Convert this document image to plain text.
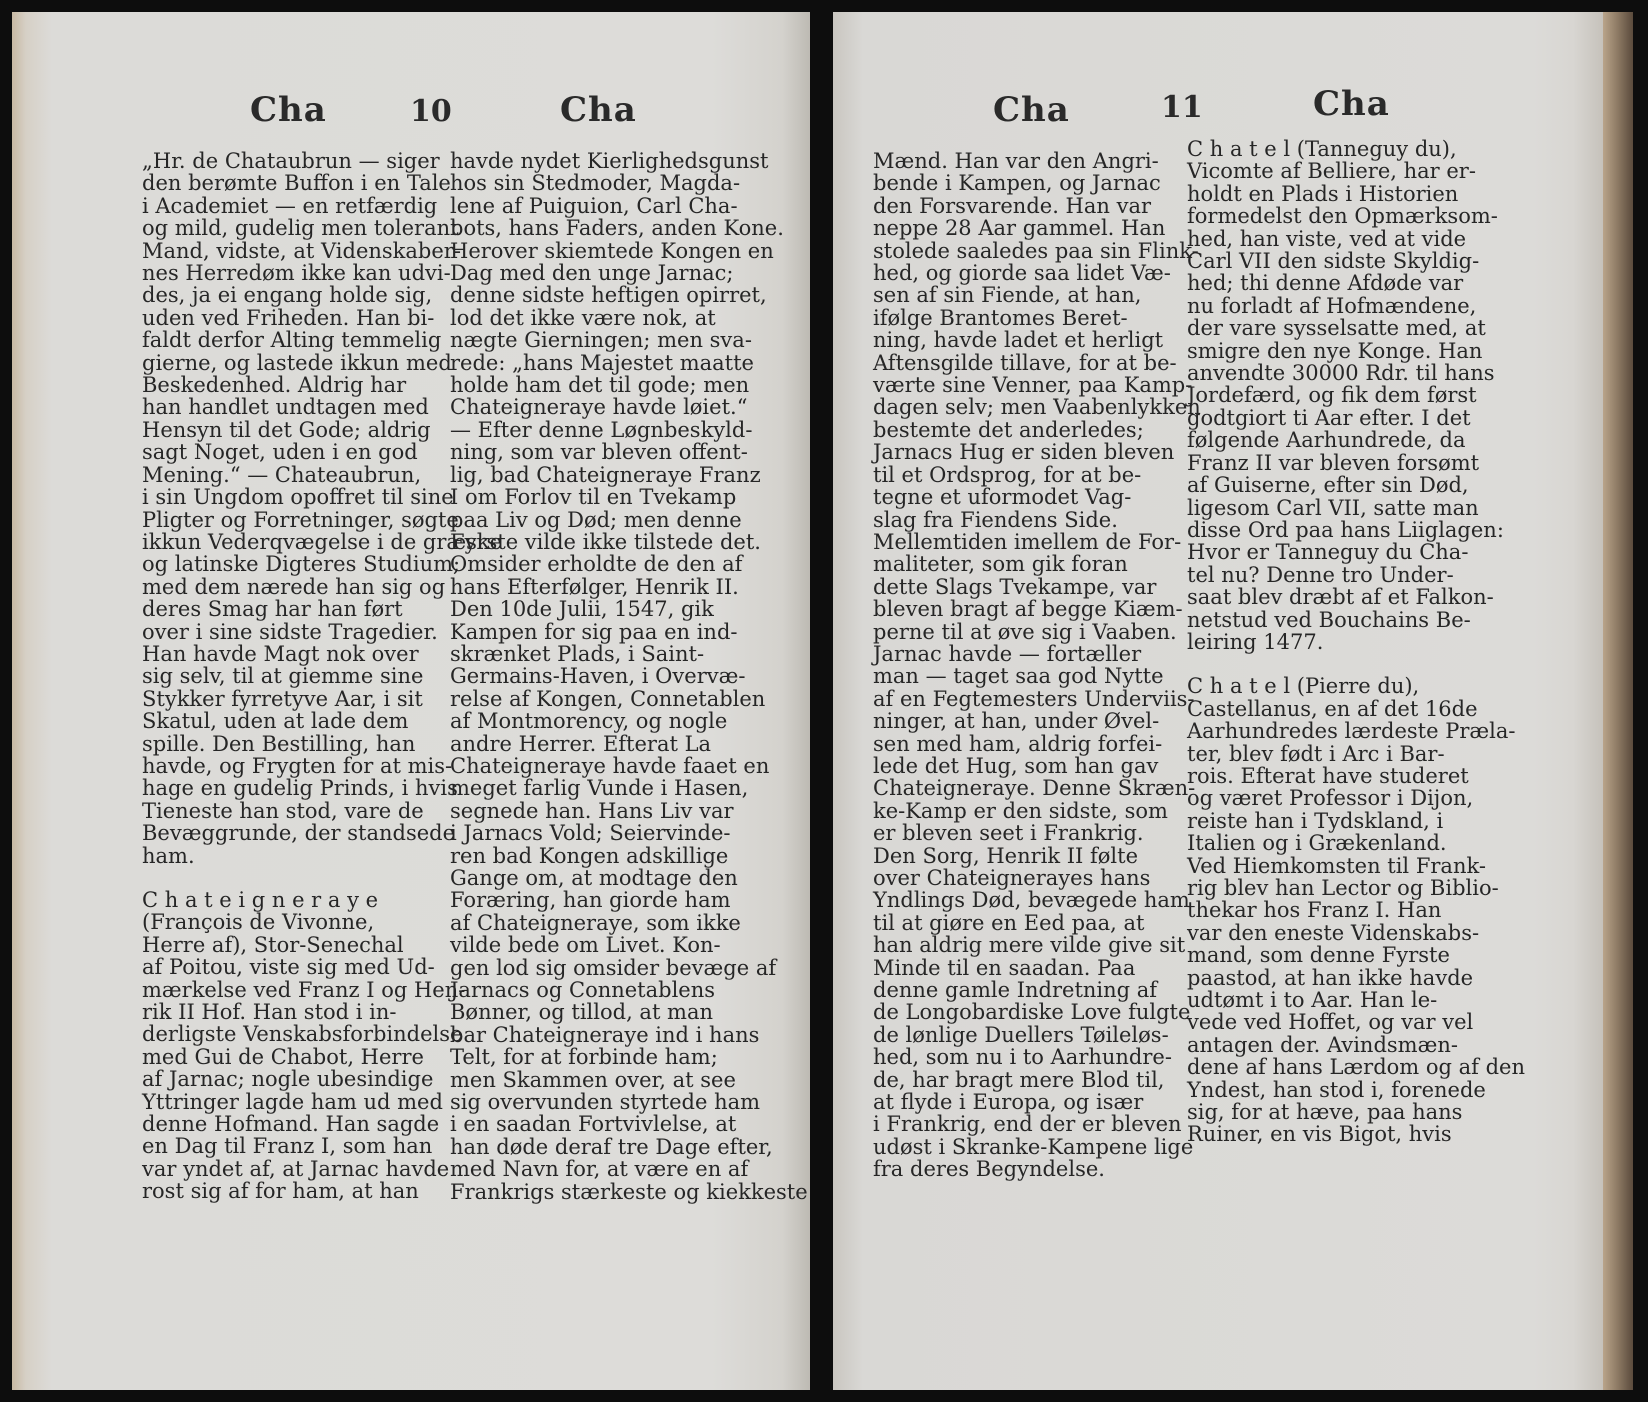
Cha	10	Cha
„Hr. de Chataubrun — siger
den berømte Buffon i en Tale
i Academiet — en retfærdig
og mild, gudelig men tolerant
Mand, vidste, at Videnskaber-
nes Herredøm ikke kan udvi-
des, ja ei engang holde sig,
uden ved Friheden. Han bi-
faldt derfor Alting temmelig
gierne, og lastede ikkun med
Beskedenhed. Aldrig har
han handlet undtagen med
Hensyn til det Gode; aldrig
sagt Noget, uden i en god
Mening.“ — Chateaubrun,
i sin Ungdom opoffret til sine
Pligter og Forretninger, søgte
ikkun Vederqvægelse i de græske
og latinske Digteres Studium;
med dem nærede han sig og
deres Smag har han ført
over i sine sidste Tragedier.
Han havde Magt nok over
sig selv, til at giemme sine
Stykker fyrretyve Aar, i sit
Skatul, uden at lade dem
spille. Den Bestilling, han
havde, og Frygten for at mis-
hage en gudelig Prinds, i hvis
Tieneste han stod, vare de
Bevæggrunde, der standsede
ham.
C h a t e i g n e r a y e
(François de Vivonne,
Herre af), Stor-Senechal
af Poitou, viste sig med Ud-
mærkelse ved Franz I og Hen-
rik II Hof. Han stod i in-
derligste Venskabsforbindelse
med Gui de Chabot, Herre
af Jarnac; nogle ubesindige
Yttringer lagde ham ud med
denne Hofmand. Han sagde
en Dag til Franz I, som han
var yndet af, at Jarnac havde
rost sig af for ham, at han
havde nydet Kierlighedsgunst
hos sin Stedmoder, Magda-
lene af Puiguion, Carl Cha-
bots, hans Faders, anden Kone.
Herover skiemtede Kongen en
Dag med den unge Jarnac;
denne sidste heftigen opirret,
lod det ikke være nok, at
nægte Gierningen; men sva-
rede: „hans Majestet maatte
holde ham det til gode; men
Chateigneraye havde løiet.“
— Efter denne Løgnbeskyld-
ning, som var bleven offent-
lig, bad Chateigneraye Franz
I om Forlov til en Tvekamp
paa Liv og Død; men denne
Fyrste vilde ikke tilstede det.
Omsider erholdte de den af
hans Efterfølger, Henrik II.
Den 10de Julii, 1547, gik
Kampen for sig paa en ind-
skrænket Plads, i Saint-
Germains-Haven, i Overvæ-
relse af Kongen, Connetablen
af Montmorency, og nogle
andre Herrer. Efterat La
Chateigneraye havde faaet en
meget farlig Vunde i Hasen,
segnede han. Hans Liv var
i Jarnacs Vold; Seiervinde-
ren bad Kongen adskillige
Gange om, at modtage den
Foræring, han giorde ham
af Chateigneraye, som ikke
vilde bede om Livet. Kon-
gen lod sig omsider bevæge af
Jarnacs og Connetablens
Bønner, og tillod, at man
bar Chateigneraye ind i hans
Telt, for at forbinde ham;
men Skammen over, at see
sig overvunden styrtede ham
i en saadan Fortvivlelse, at
han døde deraf tre Dage efter,
med Navn for, at være en af
Frankrigs stærkeste og kiekkeste
Cha	11	Cha
Mænd. Han var den Angri-
bende i Kampen, og Jarnac
den Forsvarende. Han var
neppe 28 Aar gammel. Han
stolede saaledes paa sin Flink-
hed, og giorde saa lidet Væ-
sen af sin Fiende, at han,
ifølge Brantomes Beret-
ning, havde ladet et herligt
Aftensgilde tillave, for at be-
værte sine Venner, paa Kamp-
dagen selv; men Vaabenlykken
bestemte det anderledes;
Jarnacs Hug er siden bleven
til et Ordsprog, for at be-
tegne et uformodet Vag-
slag fra Fiendens Side.
Mellemtiden imellem de For-
maliteter, som gik foran
dette Slags Tvekampe, var
bleven bragt af begge Kiæm-
perne til at øve sig i Vaaben.
Jarnac havde — fortæller
man — taget saa god Nytte
af en Fegtemesters Underviis-
ninger, at han, under Øvel-
sen med ham, aldrig forfei-
lede det Hug, som han gav
Chateigneraye. Denne Skræn-
ke-Kamp er den sidste, som
er bleven seet i Frankrig.
Den Sorg, Henrik II følte
over Chateignerayes hans
Yndlings Død, bevægede ham
til at giøre en Eed paa, at
han aldrig mere vilde give sit
Minde til en saadan. Paa
denne gamle Indretning af
de Longobardiske Love fulgte
de lønlige Duellers Tøileløs-
hed, som nu i to Aarhundre-
de, har bragt mere Blod til,
at flyde i Europa, og især
i Frankrig, end der er bleven
udøst i Skranke-Kampene lige
fra deres Begyndelse.
C h a t e l (Tanneguy du),
Vicomte af Belliere, har er-
holdt en Plads i Historien
formedelst den Opmærksom-
hed, han viste, ved at vide
Carl VII den sidste Skyldig-
hed; thi denne Afdøde var
nu forladt af Hofmændene,
der vare sysselsatte med, at
smigre den nye Konge. Han
anvendte 30000 Rdr. til hans
Jordefærd, og fik dem først
godtgiort ti Aar efter. I det
følgende Aarhundrede, da
Franz II var bleven forsømt
af Guiserne, efter sin Død,
ligesom Carl VII, satte man
disse Ord paa hans Liiglagen:
Hvor er Tanneguy du Cha-
tel nu? Denne tro Under-
saat blev dræbt af et Falkon-
netstud ved Bouchains Be-
leiring 1477.
C h a t e l (Pierre du),
Castellanus, en af det 16de
Aarhundredes lærdeste Præla-
ter, blev født i Arc i Bar-
rois. Efterat have studeret
og været Professor i Dijon,
reiste han i Tydskland, i
Italien og i Grækenland.
Ved Hiemkomsten til Frank-
rig blev han Lector og Biblio-
thekar hos Franz I. Han
var den eneste Videnskabs-
mand, som denne Fyrste
paastod, at han ikke havde
udtømt i to Aar. Han le-
vede ved Hoffet, og var vel
antagen der. Avindsmæn-
dene af hans Lærdom og af den
Yndest, han stod i, forenede
sig, for at hæve, paa hans
Ruiner, en vis Bigot, hvis
